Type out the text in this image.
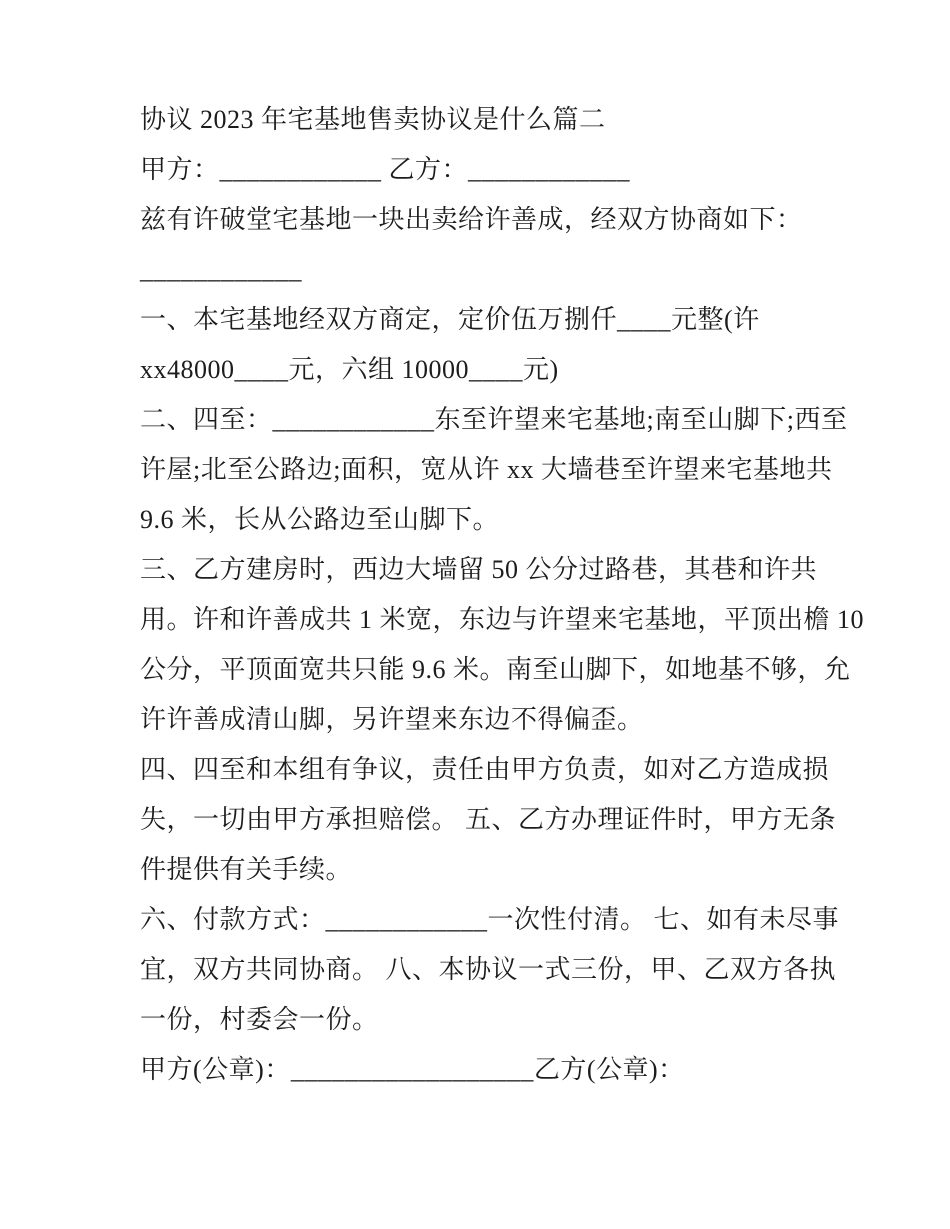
协议 2023 年宅基地售卖协议是什么篇二
甲方：____________ 乙方：____________
兹有许破堂宅基地一块出卖给许善成，经双方协商如下：
____________
一、本宅基地经双方商定，定价伍万捌仟____元整(许
xx48000____元，六组 10000____元)
二、四至：____________东至许望来宅基地;南至山脚下;西至
许屋;北至公路边;面积，宽从许 xx 大墙巷至许望来宅基地共
9.6 米，长从公路边至山脚下。
三、乙方建房时，西边大墙留 50 公分过路巷，其巷和许共
用。许和许善成共 1 米宽，东边与许望来宅基地，平顶出檐 10
公分，平顶面宽共只能 9.6 米。南至山脚下，如地基不够，允
许许善成清山脚，另许望来东边不得偏歪。
四、四至和本组有争议，责任由甲方负责，如对乙方造成损
失，一切由甲方承担赔偿。 五、乙方办理证件时，甲方无条
件提供有关手续。
六、付款方式：____________一次性付清。 七、如有未尽事
宜，双方共同协商。 八、本协议一式三份，甲、乙双方各执
一份，村委会一份。
甲方(公章)：__________________乙方(公章)：
